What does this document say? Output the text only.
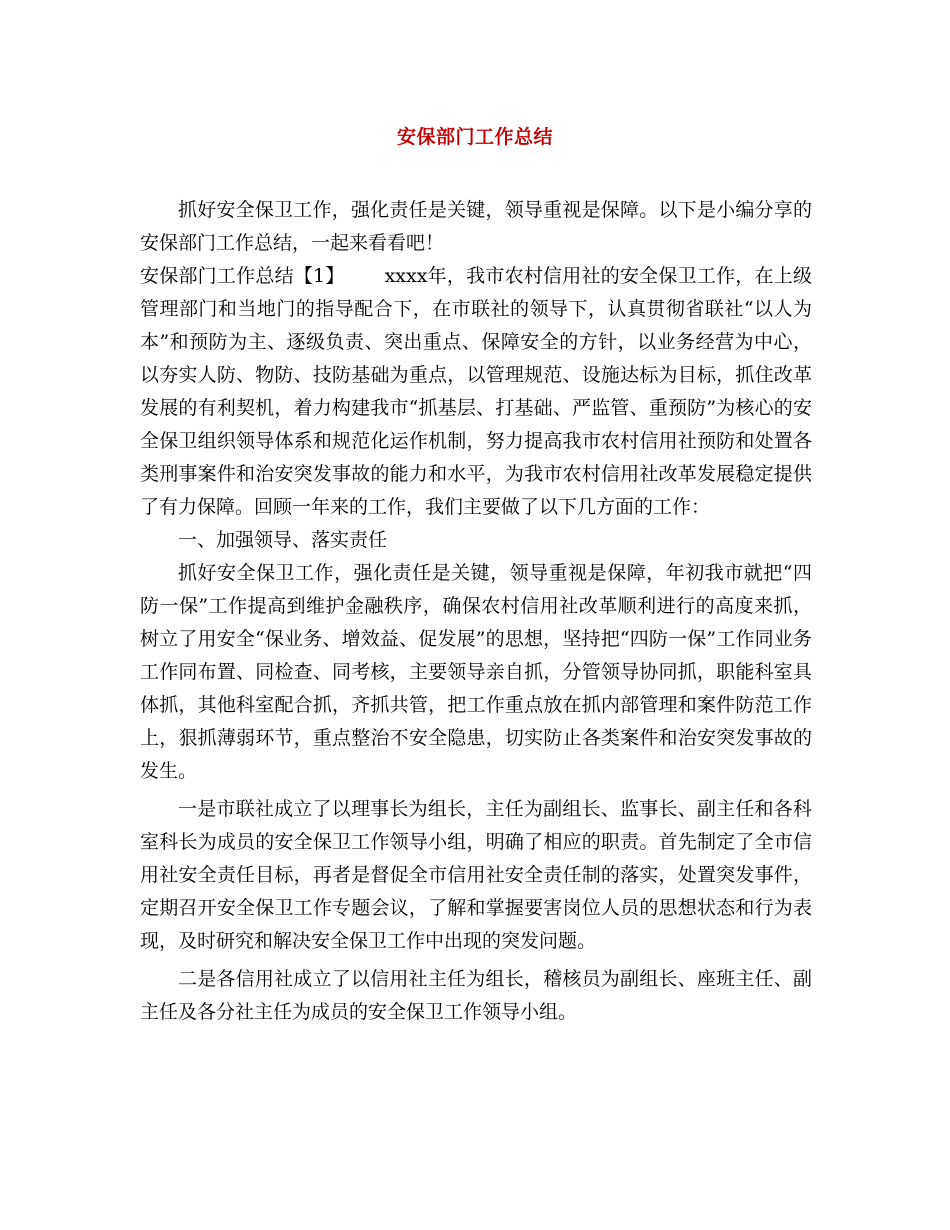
安保部门工作总结

抓好安全保卫工作，强化责任是关键，领导重视是保障。以下是小编分享的安保部门工作总结，一起来看看吧！

安保部门工作总结【1】 xxxx年，我市农村信用社的安全保卫工作，在上级管理部门和当地门的指导配合下，在市联社的领导下，认真贯彻省联社“以人为本”和预防为主、逐级负责、突出重点、保障安全的方针，以业务经营为中心，以夯实人防、物防、技防基础为重点，以管理规范、设施达标为目标，抓住改革发展的有利契机，着力构建我市“抓基层、打基础、严监管、重预防”为核心的安全保卫组织领导体系和规范化运作机制，努力提高我市农村信用社预防和处置各类刑事案件和治安突发事故的能力和水平，为我市农村信用社改革发展稳定提供了有力保障。回顾一年来的工作，我们主要做了以下几方面的工作：

一、加强领导、落实责任

抓好安全保卫工作，强化责任是关键，领导重视是保障，年初我市就把“四防一保”工作提高到维护金融秩序，确保农村信用社改革顺利进行的高度来抓，树立了用安全“保业务、增效益、促发展”的思想，坚持把“四防一保”工作同业务工作同布置、同检查、同考核，主要领导亲自抓，分管领导协同抓，职能科室具体抓，其他科室配合抓，齐抓共管，把工作重点放在抓内部管理和案件防范工作上，狠抓薄弱环节，重点整治不安全隐患，切实防止各类案件和治安突发事故的发生。

一是市联社成立了以理事长为组长，主任为副组长、监事长、副主任和各科室科长为成员的安全保卫工作领导小组，明确了相应的职责。首先制定了全市信用社安全责任目标，再者是督促全市信用社安全责任制的落实，处置突发事件，定期召开安全保卫工作专题会议，了解和掌握要害岗位人员的思想状态和行为表现，及时研究和解决安全保卫工作中出现的突发问题。

二是各信用社成立了以信用社主任为组长，稽核员为副组长、座班主任、副主任及各分社主任为成员的安全保卫工作领导小组。
